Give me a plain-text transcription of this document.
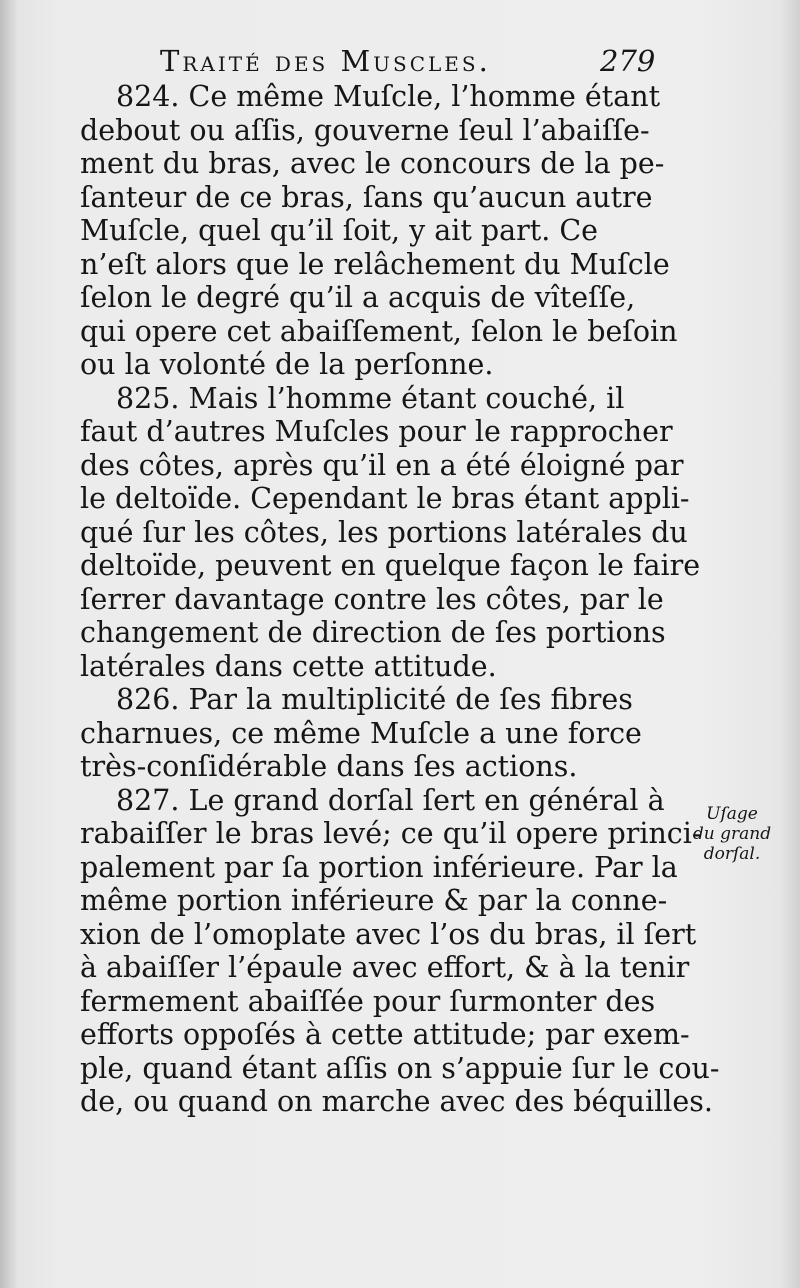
Traité des Muscles.	279
824. Ce même Muſcle, l’homme étant
debout ou aſſis, gouverne ſeul l’abaiſſe-
ment du bras, avec le concours de la pe-
ſanteur de ce bras, ſans qu’aucun autre
Muſcle, quel qu’il ſoit, y ait part. Ce
n’eſt alors que le relâchement du Muſcle
ſelon le degré qu’il a acquis de vîteſſe,
qui opere cet abaiſſement, ſelon le beſoin
ou la volonté de la perſonne.
825. Mais l’homme étant couché, il
faut d’autres Muſcles pour le rapprocher
des côtes, après qu’il en a été éloigné par
le deltoïde. Cependant le bras étant appli-
qué ſur les côtes, les portions latérales du
deltoïde, peuvent en quelque façon le faire
ſerrer davantage contre les côtes, par le
changement de direction de ſes portions
latérales dans cette attitude.
826. Par la multiplicité de ſes fibres
charnues, ce même Muſcle a une force
très-conſidérable dans ſes actions.
827. Le grand dorſal ſert en général à
rabaiſſer le bras levé; ce qu’il opere princi-
palement par ſa portion inférieure. Par la
même portion inférieure & par la connе-
xion de l’omoplate avec l’os du bras, il ſert
à abaiſſer l’épaule avec effort, & à la tenir
fermement abaiſſée pour ſurmonter des
efforts oppoſés à cette attitude; par exem-
ple, quand étant aſſis on s’appuie ſur le cou-
de, ou quand on marche avec des béquilles.
Uſage
du grand
dorſal.
